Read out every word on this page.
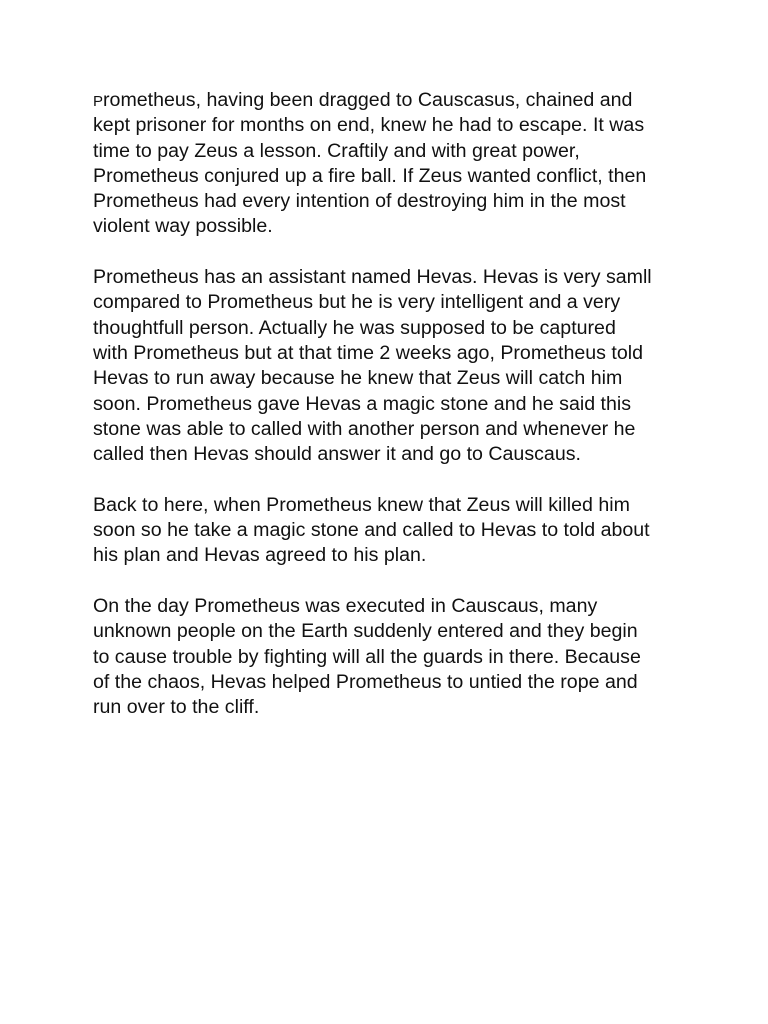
Prometheus, having been dragged to Causcasus, chained and
kept prisoner for months on end, knew he had to escape. It was
time to pay Zeus a lesson. Craftily and with great power,
Prometheus conjured up a fire ball. If Zeus wanted conflict, then
Prometheus had every intention of destroying him in the most
violent way possible.

Prometheus has an assistant named Hevas. Hevas is very samll
compared to Prometheus but he is very intelligent and a very
thoughtfull person. Actually he was supposed to be captured
with Prometheus but at that time 2 weeks ago, Prometheus told
Hevas to run away because he knew that Zeus will catch him
soon. Prometheus gave Hevas a magic stone and he said this
stone was able to called with another person and whenever he
called then Hevas should answer it and go to Causcaus.

Back to here, when Prometheus knew that Zeus will killed him
soon so he take a magic stone and called to Hevas to told about
his plan and Hevas agreed to his plan.

On the day Prometheus was executed in Causcaus, many
unknown people on the Earth suddenly entered and they begin
to cause trouble by fighting will all the guards in there. Because
of the chaos, Hevas helped Prometheus to untied the rope and
run over to the cliff.
